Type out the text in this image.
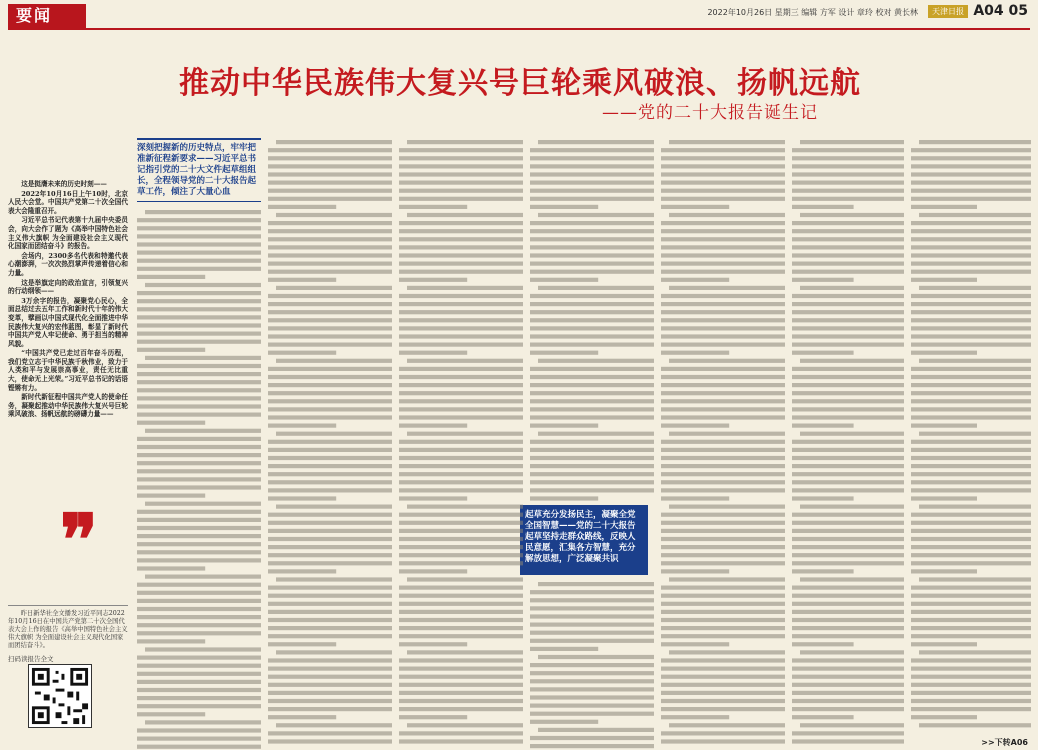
要闻	2022年10月26日 星期三 编辑 方军 设计 章玲 校对 黄长林	天津日报 A04 05
推动中华民族伟大复兴号巨轮乘风破浪、扬帆远航
——党的二十大报告诞生记

这是挺膺未来的历史时刻——

2022年10月16日上午10时，北京人民大会堂。中国共产党第二十次全国代表大会隆重召开。

习近平总书记代表第十九届中央委员会，向大会作了题为《高举中国特色社会主义伟大旗帜 为全面建设社会主义现代化国家而团结奋斗》的报告。

会场内，2300多名代表和特邀代表心潮澎湃，一次次热烈掌声传递着信心和力量。

这是举旗定向的政治宣言，引领复兴的行动纲领——

3万余字的报告，凝聚党心民心，全面总结过去五年工作和新时代十年的伟大变革，擘画以中国式现代化全面推进中华民族伟大复兴的宏伟蓝图，彰显了新时代中国共产党人牢记使命、勇于担当的精神风貌。

“中国共产党已走过百年奋斗历程，我们党立志于中华民族千秋伟业，致力于人类和平与发展崇高事业，责任无比重大，使命无上光荣。”习近平总书记的话语铿锵有力。

新时代新征程中国共产党人的使命任务，凝聚起推动中华民族伟大复兴号巨轮乘风破浪、扬帆远航的磅礴力量——

❞
深刻把握新的历史特点，牢牢把准新征程新要求——习近平总书记指引党的二十大文件起草组组长，全程领导党的二十大报告起草工作，倾注了大量心血
起草充分发扬民主，凝聚全党全国智慧——党的二十大报告起草坚持走群众路线，反映人民意愿，汇集各方智慧，充分解放思想，广泛凝聚共识
昨日新华社全文播发习近平同志2022年10月16日在中国共产党第二十次全国代表大会上作的报告《高举中国特色社会主义伟大旗帜 为全面建设社会主义现代化国家而团结奋斗》。
扫码读报告全文
>>下转A06
